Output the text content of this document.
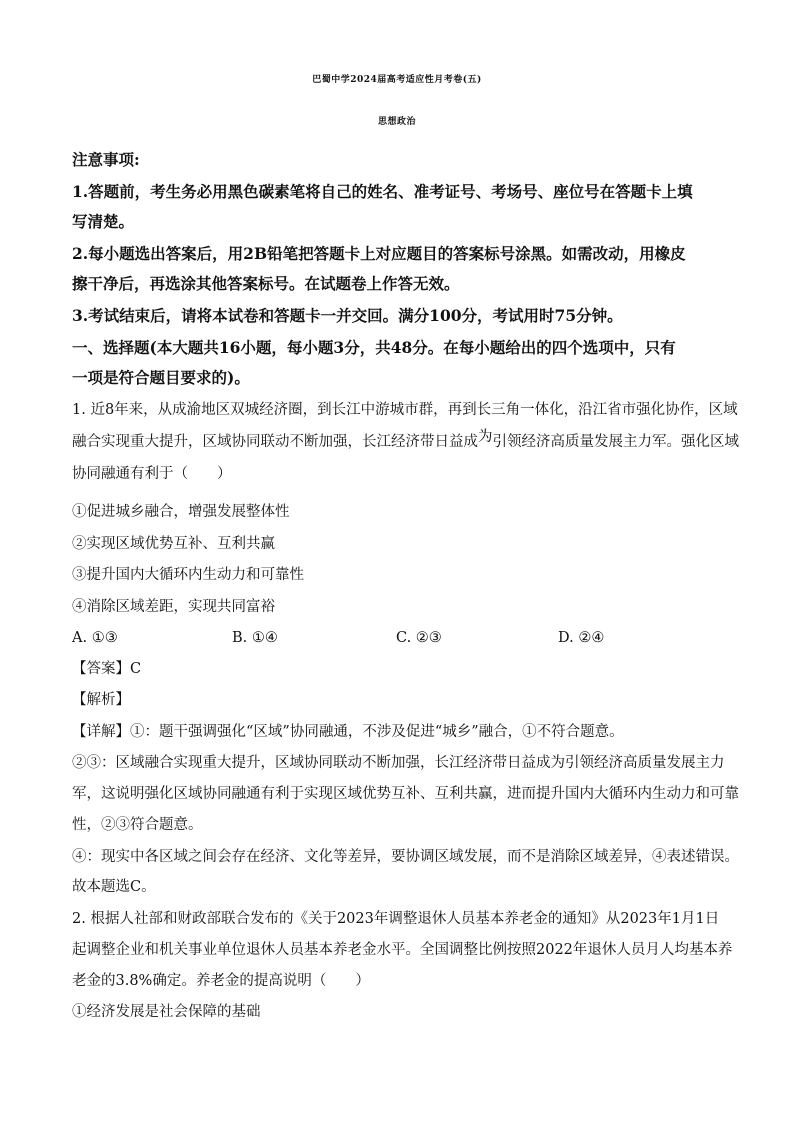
巴蜀中学2024届高考适应性月考卷(五)
思想政治
注意事项:
1.答题前，考生务必用黑色碳素笔将自己的姓名、准考证号、考场号、座位号在答题卡上填
写清楚。
2.每小题选出答案后，用2B铅笔把答题卡上对应题目的答案标号涂黑。如需改动，用橡皮
擦干净后，再选涂其他答案标号。在试题卷上作答无效。
3.考试结束后，请将本试卷和答题卡一并交回。满分100分，考试用时75分钟。
一、选择题(本大题共16小题，每小题3分，共48分。在每小题给出的四个选项中，只有
一项是符合题目要求的)。
1. 近8年来，从成渝地区双城经济圈，到长江中游城市群，再到长三角一体化，沿江省市强化协作，区域
融合实现重大提升，区域协同联动不断加强，长江经济带日益成为引领经济高质量发展主力军。强化区域
协同融通有利于（　　）
①促进城乡融合，增强发展整体性
②实现区域优势互补、互利共赢
③提升国内大循环内生动力和可靠性
④消除区域差距，实现共同富裕
A. ①③	B. ①④	C. ②③	D. ②④
【答案】C
【解析】
【详解】①：题干强调强化“区域”协同融通，不涉及促进“城乡”融合，①不符合题意。
②③：区域融合实现重大提升，区域协同联动不断加强，长江经济带日益成为引领经济高质量发展主力
军，这说明强化区域协同融通有利于实现区域优势互补、互利共赢，进而提升国内大循环内生动力和可靠
性，②③符合题意。
④：现实中各区域之间会存在经济、文化等差异，要协调区域发展，而不是消除区域差异，④表述错误。
故本题选C。
2. 根据人社部和财政部联合发布的《关于2023年调整退休人员基本养老金的通知》从2023年1月1日
起调整企业和机关事业单位退休人员基本养老金水平。全国调整比例按照2022年退休人员月人均基本养
老金的3.8%确定。养老金的提高说明（　　）
①经济发展是社会保障的基础
